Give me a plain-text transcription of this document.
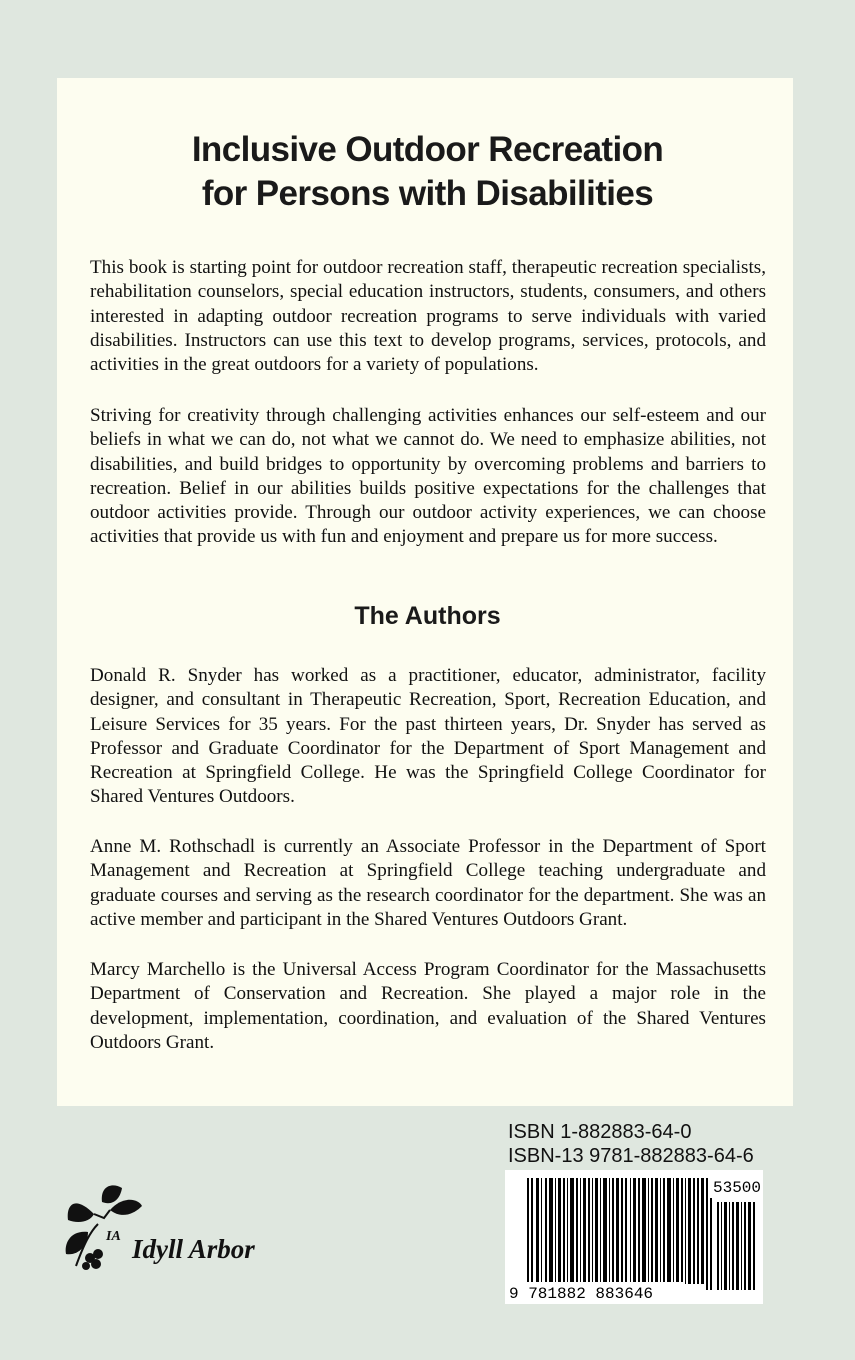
Inclusive Outdoor Recreation
for Persons with Disabilities

This book is starting point for outdoor recreation staff, therapeutic recreation specialists, rehabilitation counselors, special education instructors, students, consumers, and others interested in adapting outdoor recreation programs to serve individuals with varied disabilities. Instructors can use this text to develop programs, services, protocols, and activities in the great outdoors for a variety of populations.

Striving for creativity through challenging activities enhances our self-esteem and our beliefs in what we can do, not what we cannot do. We need to emphasize abilities, not disabilities, and build bridges to opportunity by overcoming problems and barriers to recreation. Belief in our abilities builds positive expectations for the challenges that outdoor activities provide. Through our outdoor activity experiences, we can choose activities that provide us with fun and enjoyment and prepare us for more success.

The Authors

Donald R. Snyder has worked as a practitioner, educator, administrator, facility designer, and consultant in Therapeutic Recreation, Sport, Recreation Education, and Leisure Services for 35 years. For the past thirteen years, Dr. Snyder has served as Professor and Graduate Coordinator for the Department of Sport Management and Recreation at Springfield College. He was the Springfield College Coordinator for Shared Ventures Outdoors.

Anne M. Rothschadl is currently an Associate Professor in the Department of Sport Management and Recreation at Springfield College teaching undergraduate and graduate courses and serving as the research coordinator for the department. She was an active member and participant in the Shared Ventures Outdoors Grant.

Marcy Marchello is the Universal Access Program Coordinator for the Massachusetts Department of Conservation and Recreation. She played a major role in the development, implementation, coordination, and evaluation of the Shared Ventures Outdoors Grant.

ISBN 1-882883-64-0
ISBN-13 9781-882883-64-6
9 781882 883646
53500
IA Idyll Arbor
